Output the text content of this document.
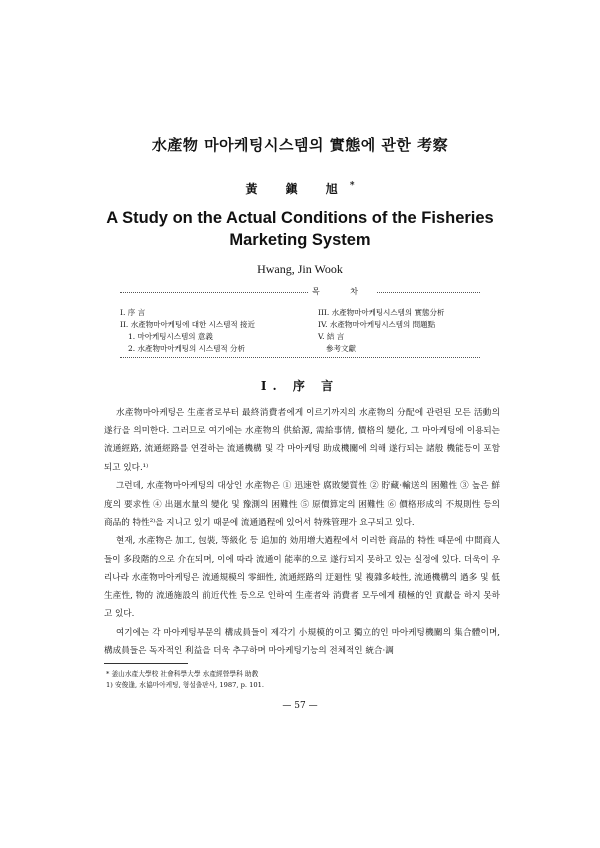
水產物 마아케팅시스템의 實態에 관한 考察
黃 鎭 旭*
A Study on the Actual Conditions of the Fisheries
Marketing System
Hwang, Jin Wook
목 차
I. 序 言
II. 水產物마아케팅에 대한 시스템적 接近
1. 마아케팅시스템의 意義
2. 水產物마아케팅의 시스템적 分析
III. 水產物마아케팅시스템의 實態分析
IV. 水產物마아케팅시스템의 問題點
V. 結 言
參考文獻
I. 序 言

水產物마아케팅은 生產者로부터 最終消費者에게 이르기까지의 水產物의 分配에 관련된 모든 活動의 遂行을 의미한다. 그러므로 여기에는 水產物의 供給源, 需給事情, 價格의 變化, 그 마아케팅에 이용되는 流通經路, 流通經路를 연결하는 流通機構 및 각 마아케팅 助成機關에 의해 遂行되는 諸般 機能등이 포함되고 있다.¹⁾

그런데, 水產物마아케팅의 대상인 水產物은 ① 迅速한 腐敗變質性 ② 貯藏·輸送의 困難性 ③ 높은 鮮度의 要求性 ④ 出廻水量의 變化 및 豫測의 困難性 ⑤ 原價算定의 困難性 ⑥ 價格形成의 不規則性 등의 商品的 特性²⁾을 지니고 있기 때문에 流通過程에 있어서 特殊管理가 요구되고 있다.

현재, 水產物은 加工, 包裝, 等級化 등 追加的 効用增大過程에서 이러한 商品的 特性 때문에 中間商人들이 多段階的으로 介在되며, 이에 따라 流通이 能率的으로 遂行되지 못하고 있는 실정에 있다. 더욱이 우리나라 水產物마아케팅은 流通規模의 零細性, 流通經路의 迂廻性 및 複雜多岐性, 流通機構의 過多 및 低生產性, 物的 流通施設의 前近代性 등으로 인하여 生產者와 消費者 모두에게 積極的인 貢獻을 하지 못하고 있다.

여기에는 각 마아케팅부문의 構成員들이 제각기 小規模的이고 獨立的인 마아케팅機關의 集合體이며, 構成員들은 독자적인 利益을 더욱 추구하며 마아케팅기능의 전체적인 統合·調

* 釜山水產大學校 社會科學大學 水產經營學科 助教
1) 安俊逢, 水協마아케팅, 형설출판사, 1987, p. 101.
— 57 —
